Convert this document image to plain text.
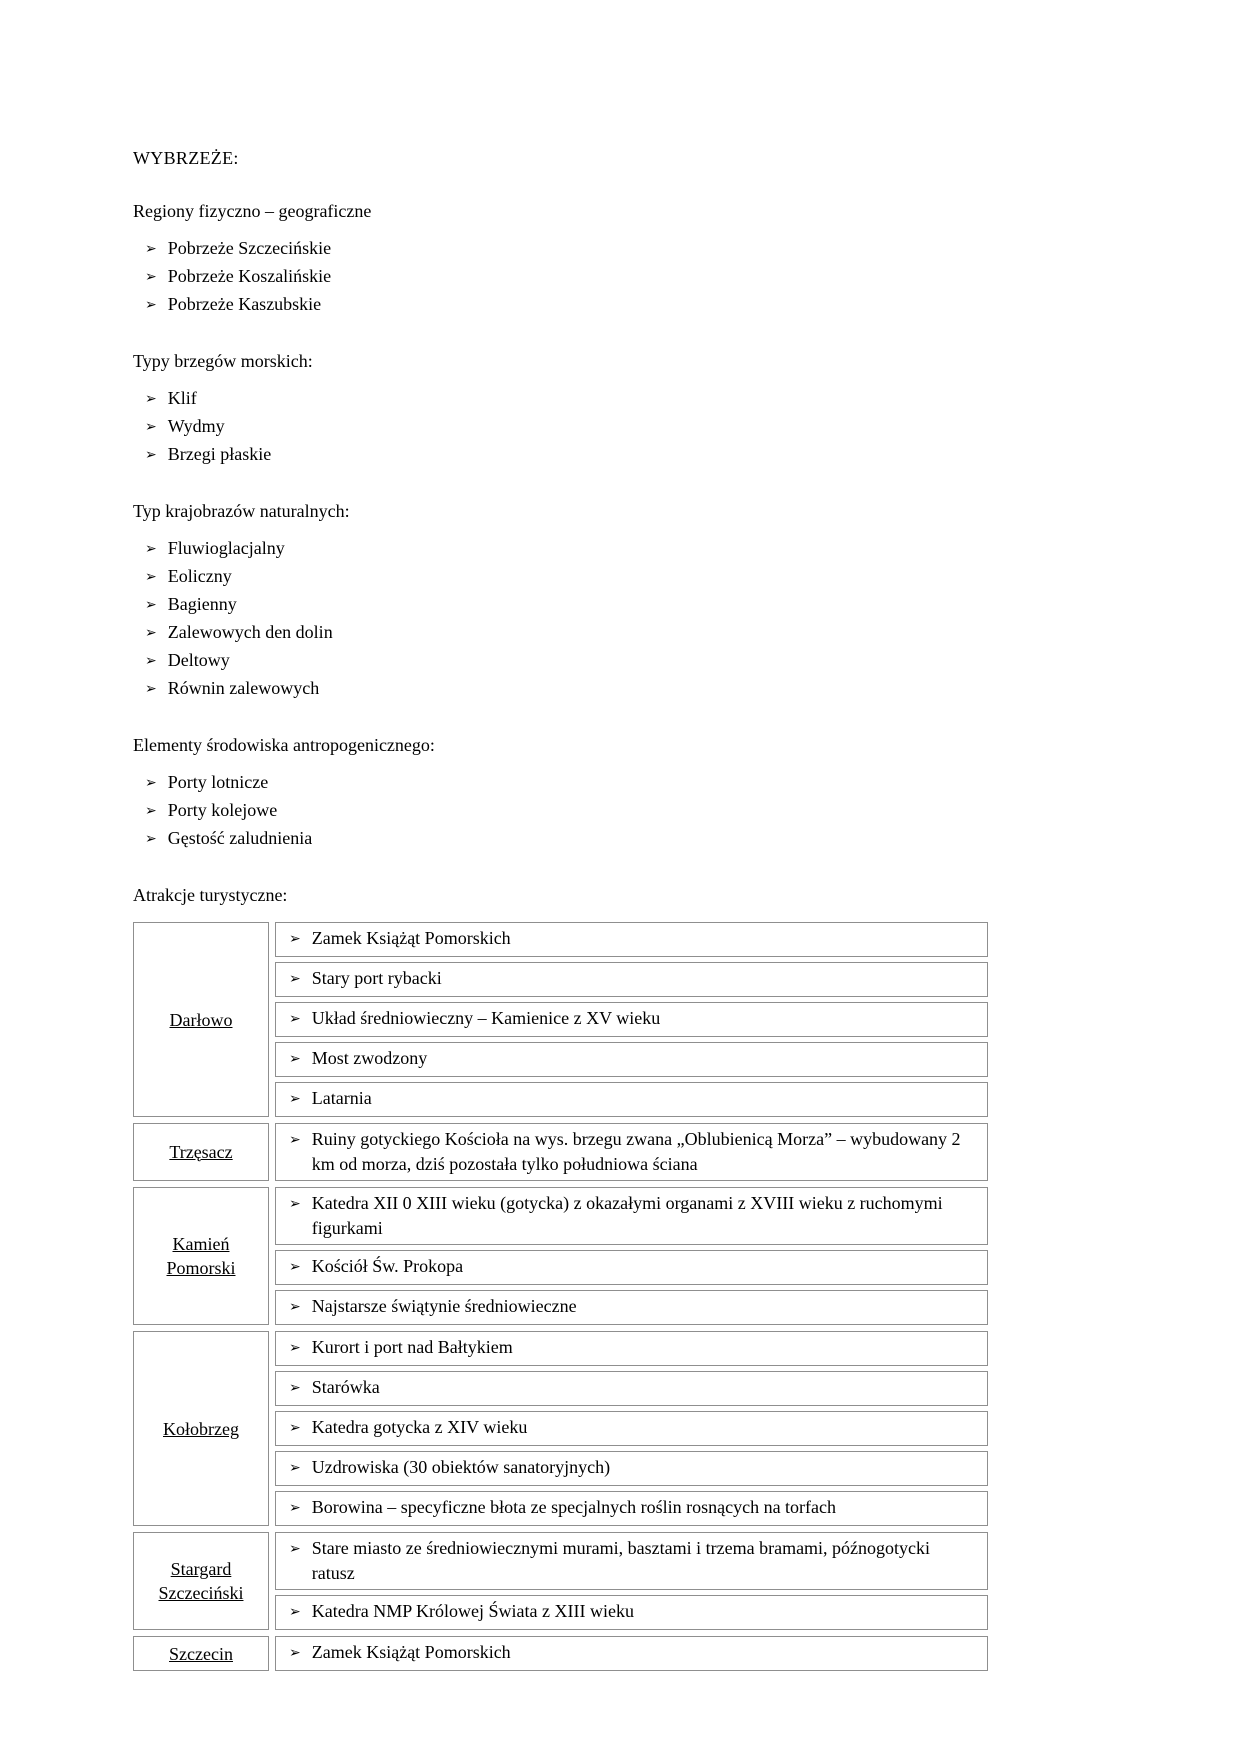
WYBRZEŻE:
Regiony fizyczno – geograficzne
➢ Pobrzeże Szczecińskie
➢ Pobrzeże Koszalińskie
➢ Pobrzeże Kaszubskie
Typy brzegów morskich:
➢ Klif
➢ Wydmy
➢ Brzegi płaskie
Typ krajobrazów naturalnych:
➢ Fluwioglacjalny
➢ Eoliczny
➢ Bagienny
➢ Zalewowych den dolin
➢ Deltowy
➢ Równin zalewowych
Elementy środowiska antropogenicznego:
➢ Porty lotnicze
➢ Porty kolejowe
➢ Gęstość zaludnienia
Atrakcje turystyczne:
Darłowo
➢ Zamek Książąt Pomorskich
➢ Stary port rybacki
➢ Układ średniowieczny – Kamienice z XV wieku
➢ Most zwodzony
➢ Latarnia
Trzęsacz
➢ Ruiny gotyckiego Kościoła na wys. brzegu zwana „Oblubienicą Morza” – wybudowany 2 km od morza, dziś pozostała tylko południowa ściana
Kamień Pomorski
➢ Katedra XII 0 XIII wieku (gotycka) z okazałymi organami z XVIII wieku z ruchomymi figurkami
➢ Kościół Św. Prokopa
➢ Najstarsze świątynie średniowieczne
Kołobrzeg
➢ Kurort i port nad Bałtykiem
➢ Starówka
➢ Katedra gotycka z XIV wieku
➢ Uzdrowiska (30 obiektów sanatoryjnych)
➢ Borowina – specyficzne błota ze specjalnych roślin rosnących na torfach
Stargard Szczeciński
➢ Stare miasto ze średniowiecznymi murami, basztami i trzema bramami, późnogotycki ratusz
➢ Katedra NMP Królowej Świata z XIII wieku
Szczecin	➢ Zamek Książąt Pomorskich
